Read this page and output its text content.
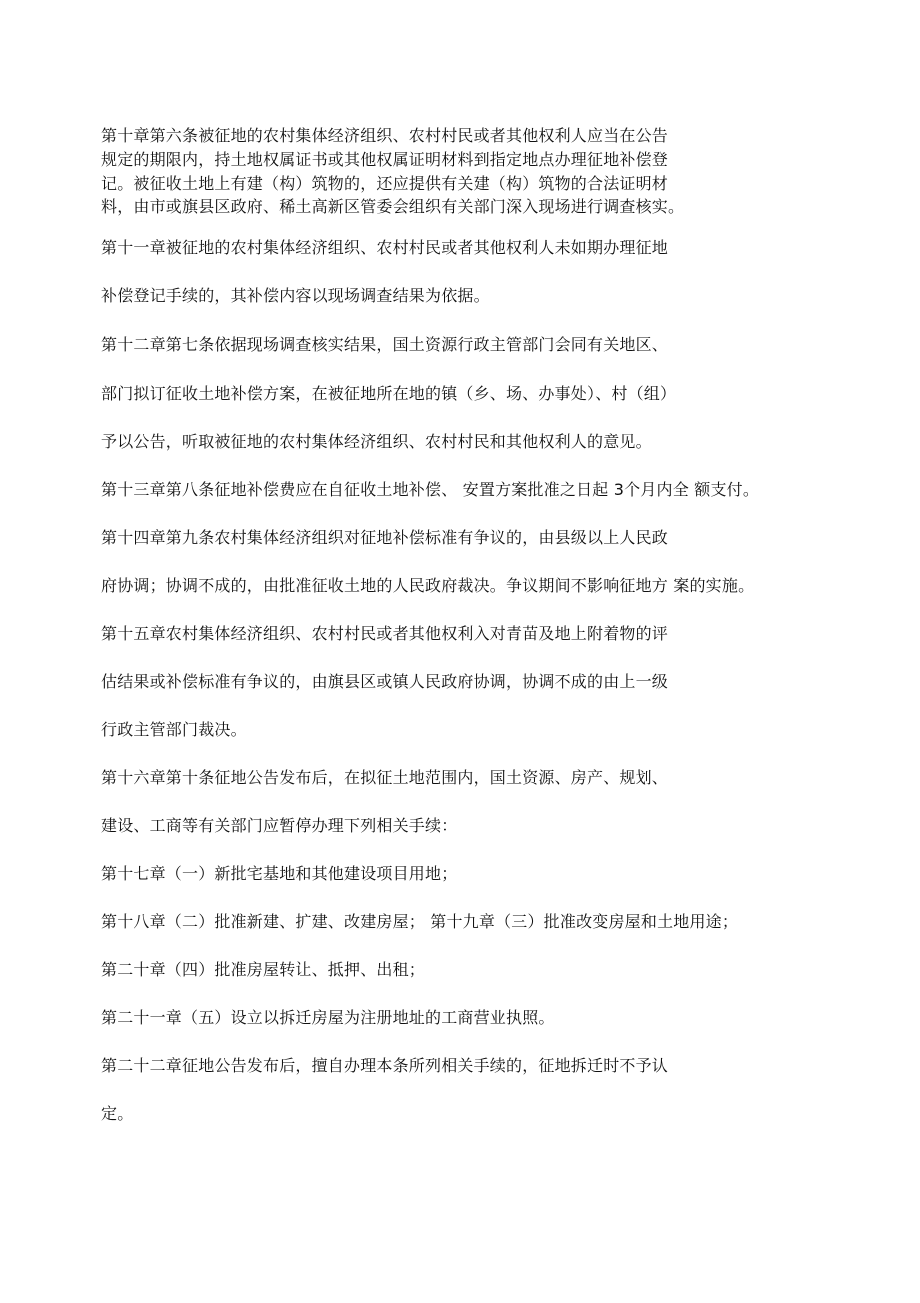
第十章第六条被征地的农村集体经济组织、农村村民或者其他权利人应当在公告
规定的期限内，持土地权属证书或其他权属证明材料到指定地点办理征地补偿登
记。被征收土地上有建（构）筑物的，还应提供有关建（构）筑物的合法证明材
料，由市或旗县区政府、稀土高新区管委会组织有关部门深入现场进行调查核实。
第十一章被征地的农村集体经济组织、农村村民或者其他权利人未如期办理征地
补偿登记手续的，其补偿内容以现场调查结果为依据。
第十二章第七条依据现场调查核实结果，国土资源行政主管部门会同有关地区、
部门拟订征收土地补偿方案，在被征地所在地的镇（乡、场、办事处）、村（组）
予以公告，听取被征地的农村集体经济组织、农村村民和其他权利人的意见。
第十三章第八条征地补偿费应在自征收土地补偿、 安置方案批准之日起 3个月内全 额支付。
第十四章第九条农村集体经济组织对征地补偿标准有争议的，由县级以上人民政
府协调；协调不成的，由批准征收土地的人民政府裁决。争议期间不影响征地方 案的实施。
第十五章农村集体经济组织、农村村民或者其他权利入对青苗及地上附着物的评
估结果或补偿标准有争议的，由旗县区或镇人民政府协调，协调不成的由上一级
行政主管部门裁决。
第十六章第十条征地公告发布后，在拟征土地范围内，国土资源、房产、规划、
建设、工商等有关部门应暂停办理下列相关手续：
第十七章（一）新批宅基地和其他建设项目用地；
第十八章（二）批准新建、扩建、改建房屋； 第十九章（三）批准改变房屋和土地用途；
第二十章（四）批准房屋转让、抵押、出租；
第二十一章（五）设立以拆迁房屋为注册地址的工商营业执照。
第二十二章征地公告发布后，擅自办理本条所列相关手续的，征地拆迁时不予认
定。
